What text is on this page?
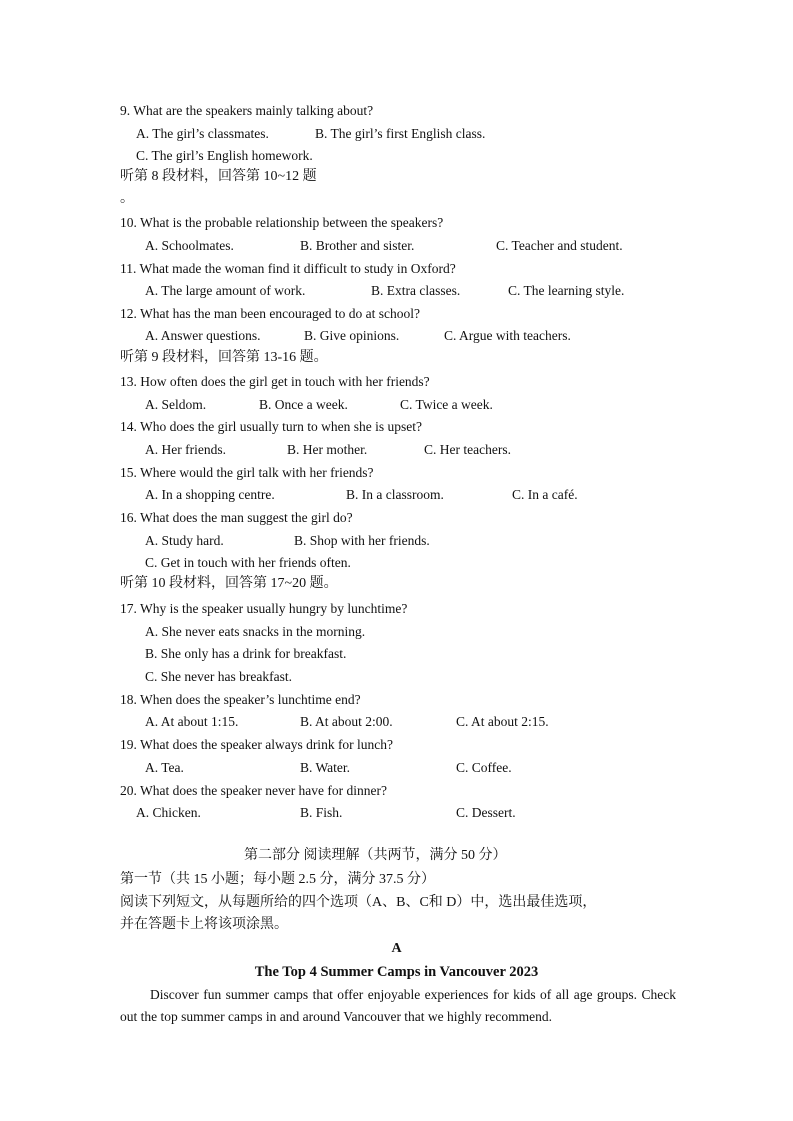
9. What are the speakers mainly talking about?
A. The girl’s classmates.	B. The girl’s first English class.
C. The girl’s English homework.
听第 8 段材料，回答第 10~12 题
。
10. What is the probable relationship between the speakers?
A. Schoolmates.	B. Brother and sister.	C. Teacher and student.
11. What made the woman find it difficult to study in Oxford?
A. The large amount of work.	B. Extra classes.	C. The learning style.
12. What has the man been encouraged to do at school?
A. Answer questions.	B. Give opinions.	C. Argue with teachers.
听第 9 段材料，回答第 13-16 题。
13. How often does the girl get in touch with her friends?
A. Seldom.	B. Once a week.	C. Twice a week.
14. Who does the girl usually turn to when she is upset?
A. Her friends.	B. Her mother.	C. Her teachers.
15. Where would the girl talk with her friends?
A. In a shopping centre.	B. In a classroom.	C. In a café.
16. What does the man suggest the girl do?
A. Study hard.	B. Shop with her friends.
C. Get in touch with her friends often.
听第 10 段材料，回答第 17~20 题。
17. Why is the speaker usually hungry by lunchtime?
A. She never eats snacks in the morning.
B. She only has a drink for breakfast.
C. She never has breakfast.
18. When does the speaker’s lunchtime end?
A. At about 1:15.	B. At about 2:00.	C. At about 2:15.
19. What does the speaker always drink for lunch?
A. Tea.	B. Water.	C. Coffee.
20. What does the speaker never have for dinner?
A. Chicken.	B. Fish.	C. Dessert.
第二部分 阅读理解（共两节，满分 50 分）
第一节（共 15 小题；每小题 2.5 分，满分 37.5 分）
阅读下列短文，从每题所给的四个选项（A、B、C和 D）中，选出最佳选项，
并在答题卡上将该项涂黑。
A
The Top 4 Summer Camps in Vancouver 2023
Discover fun summer camps that offer enjoyable experiences for kids of all age groups. Check out the top summer camps in and around Vancouver that we highly recommend.
